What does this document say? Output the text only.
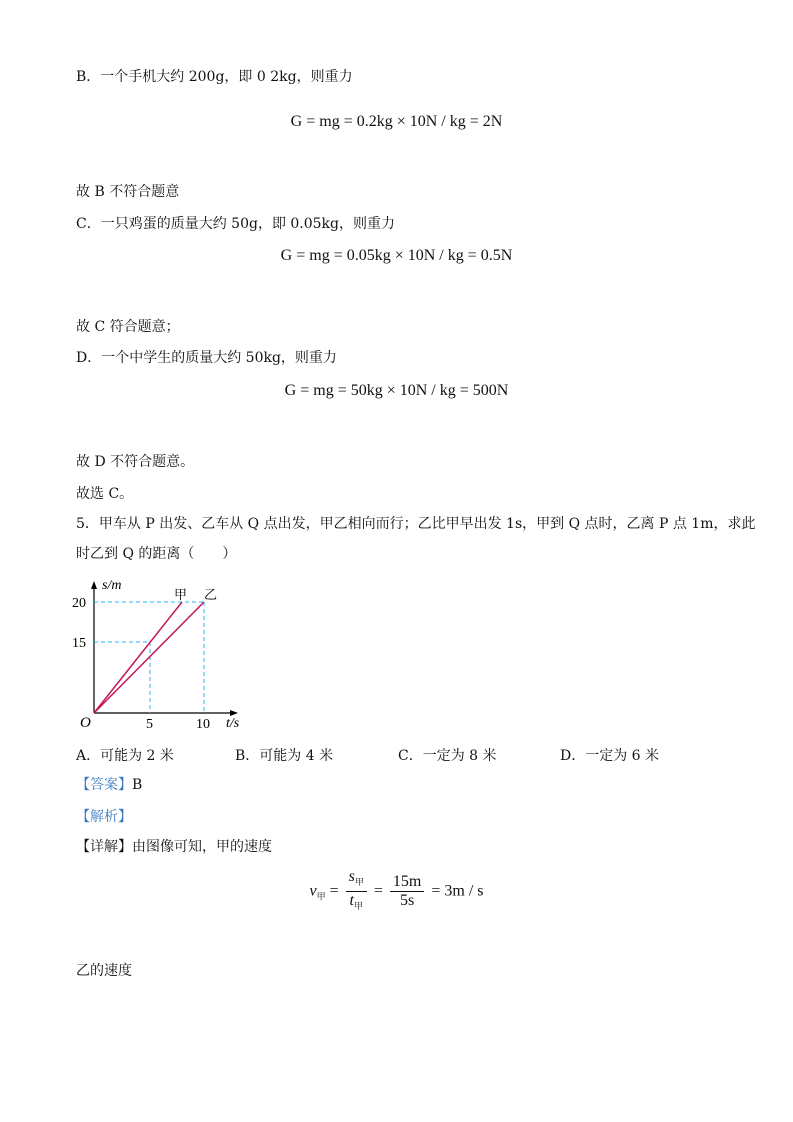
B．一个手机大约 200g，即 0 2kg，则重力
G = mg = 0.2kg × 10N / kg = 2N
故 B 不符合题意
C．一只鸡蛋的质量大约 50g，即 0.05kg，则重力
G = mg = 0.05kg × 10N / kg = 0.5N
故 C 符合题意；
D．一个中学生的质量大约 50kg，则重力
G = mg = 50kg × 10N / kg = 500N
故 D 不符合题意。
故选 C。
5．甲车从 P 出发、乙车从 Q 点出发，甲乙相向而行；乙比甲早出发 1s，甲到 Q 点时，乙离 P 点 1m，求此
时乙到 Q 的距离（　　）
s/m
t/s
O
20
15
5	10
甲 乙
A．可能为 2 米	B．可能为 4 米	C．一定为 8 米	D．一定为 6 米
【答案】B
【解析】
【详解】由图像可知，甲的速度
$v_甲 = \frac{s_甲}{t_甲} = \frac{15m}{5s} = 3m / s$
乙的速度
